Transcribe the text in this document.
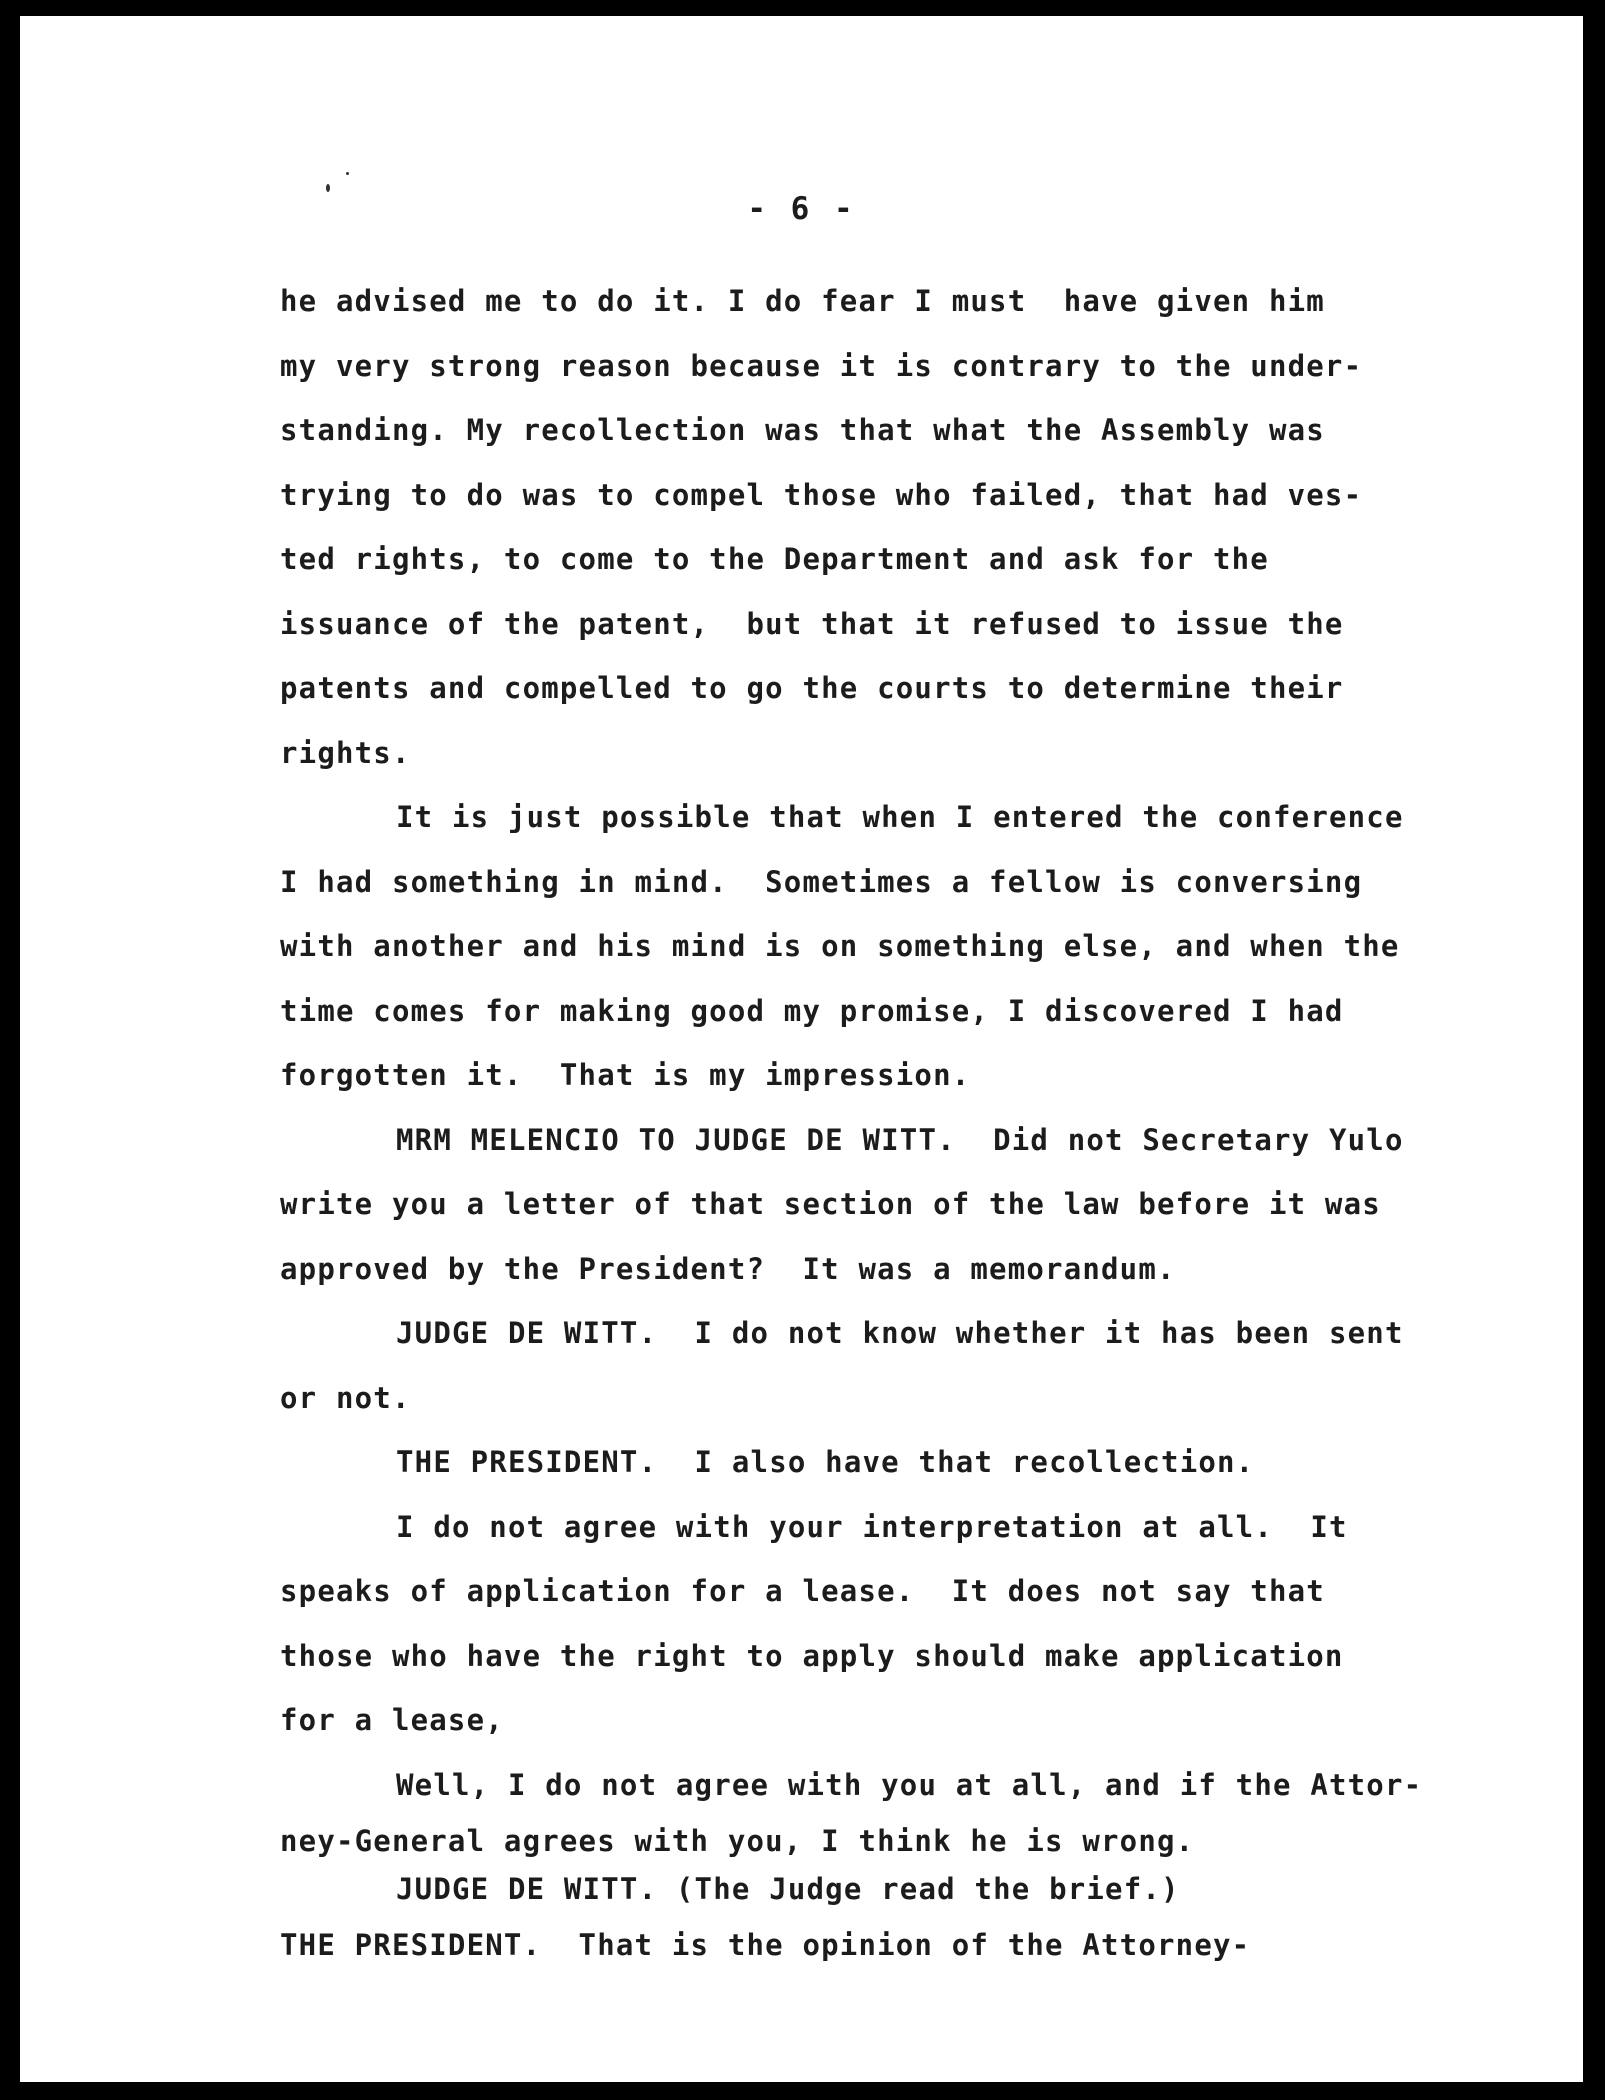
- 6 -
he advised me to do it. I do fear I must  have given him
my very strong reason because it is contrary to the under-
standing. My recollection was that what the Assembly was
trying to do was to compel those who failed, that had ves-
ted rights, to come to the Department and ask for the
issuance of the patent,  but that it refused to issue the
patents and compelled to go the courts to determine their
rights.
It is just possible that when I entered the conference
I had something in mind.  Sometimes a fellow is conversing
with another and his mind is on something else, and when the
time comes for making good my promise, I discovered I had
forgotten it.  That is my impression.
MRM MELENCIO TO JUDGE DE WITT.  Did not Secretary Yulo
write you a letter of that section of the law before it was
approved by the President?  It was a memorandum.
JUDGE DE WITT.  I do not know whether it has been sent
or not.
THE PRESIDENT.  I also have that recollection.
I do not agree with your interpretation at all.  It
speaks of application for a lease.  It does not say that
those who have the right to apply should make application
for a lease,
Well, I do not agree with you at all, and if the Attor-
ney-General agrees with you, I think he is wrong.
JUDGE DE WITT. (The Judge read the brief.)
THE PRESIDENT.  That is the opinion of the Attorney-
